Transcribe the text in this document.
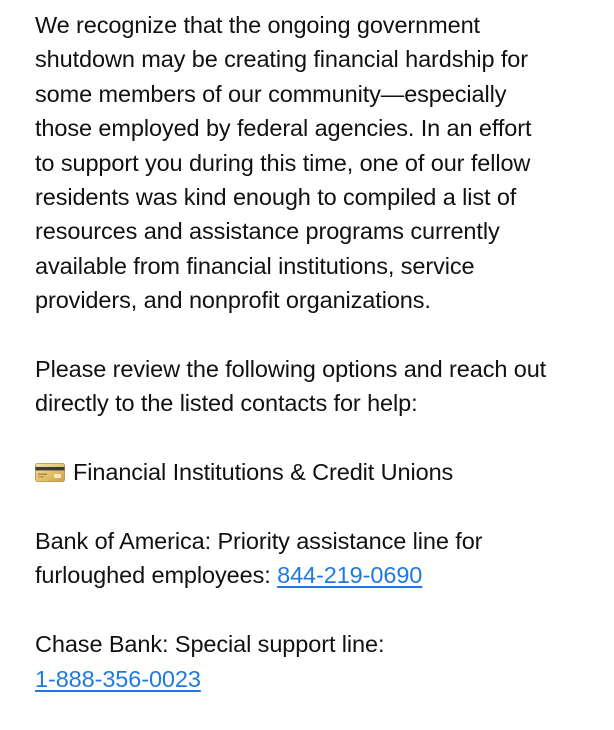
We recognize that the ongoing government
shutdown may be creating financial hardship for
some members of our community—especially
those employed by federal agencies. In an effort
to support you during this time, one of our fellow
residents was kind enough to compiled a list of
resources and assistance programs currently
available from financial institutions, service
providers, and nonprofit organizations.

Please review the following options and reach out
directly to the listed contacts for help:

Financial Institutions & Credit Unions

Bank of America: Priority assistance line for
furloughed employees: 844-219-0690

Chase Bank: Special support line:
1-888-356-0023
